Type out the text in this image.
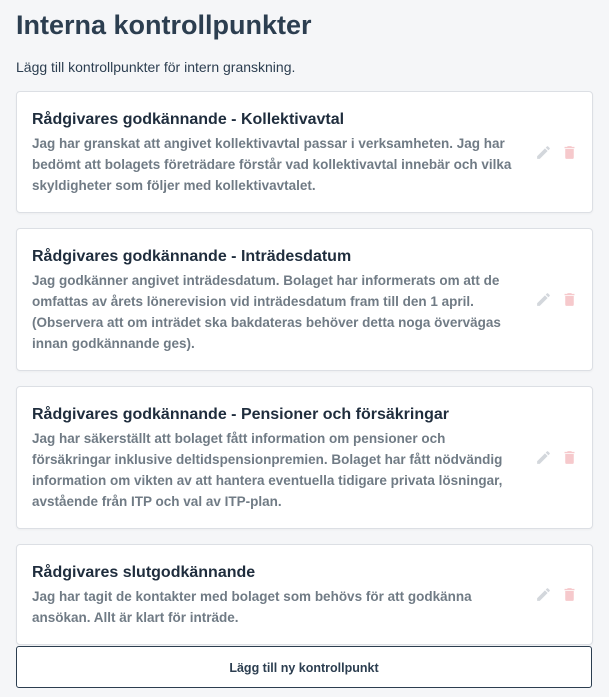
Interna kontrollpunkter

Lägg till kontrollpunkter för intern granskning.

Rådgivares godkännande - Kollektivavtal

Jag har granskat att angivet kollektivavtal passar i verksamheten. Jag har bedömt att bolagets företrädare förstår vad kollektivavtal innebär och vilka skyldigheter som följer med kollektivavtalet.

Rådgivares godkännande - Inträdesdatum

Jag godkänner angivet inträdesdatum. Bolaget har informerats om att de omfattas av årets lönerevision vid inträdesdatum fram till den 1 april. (Observera att om inträdet ska bakdateras behöver detta noga övervägas innan godkännande ges).

Rådgivares godkännande - Pensioner och försäkringar

Jag har säkerställt att bolaget fått information om pensioner och försäkringar inklusive deltidspensionpremien. Bolaget har fått nödvändig information om vikten av att hantera eventuella tidigare privata lösningar, avstående från ITP och val av ITP-plan.

Rådgivares slutgodkännande

Jag har tagit de kontakter med bolaget som behövs för att godkänna ansökan. Allt är klart för inträde.

Lägg till ny kontrollpunkt
